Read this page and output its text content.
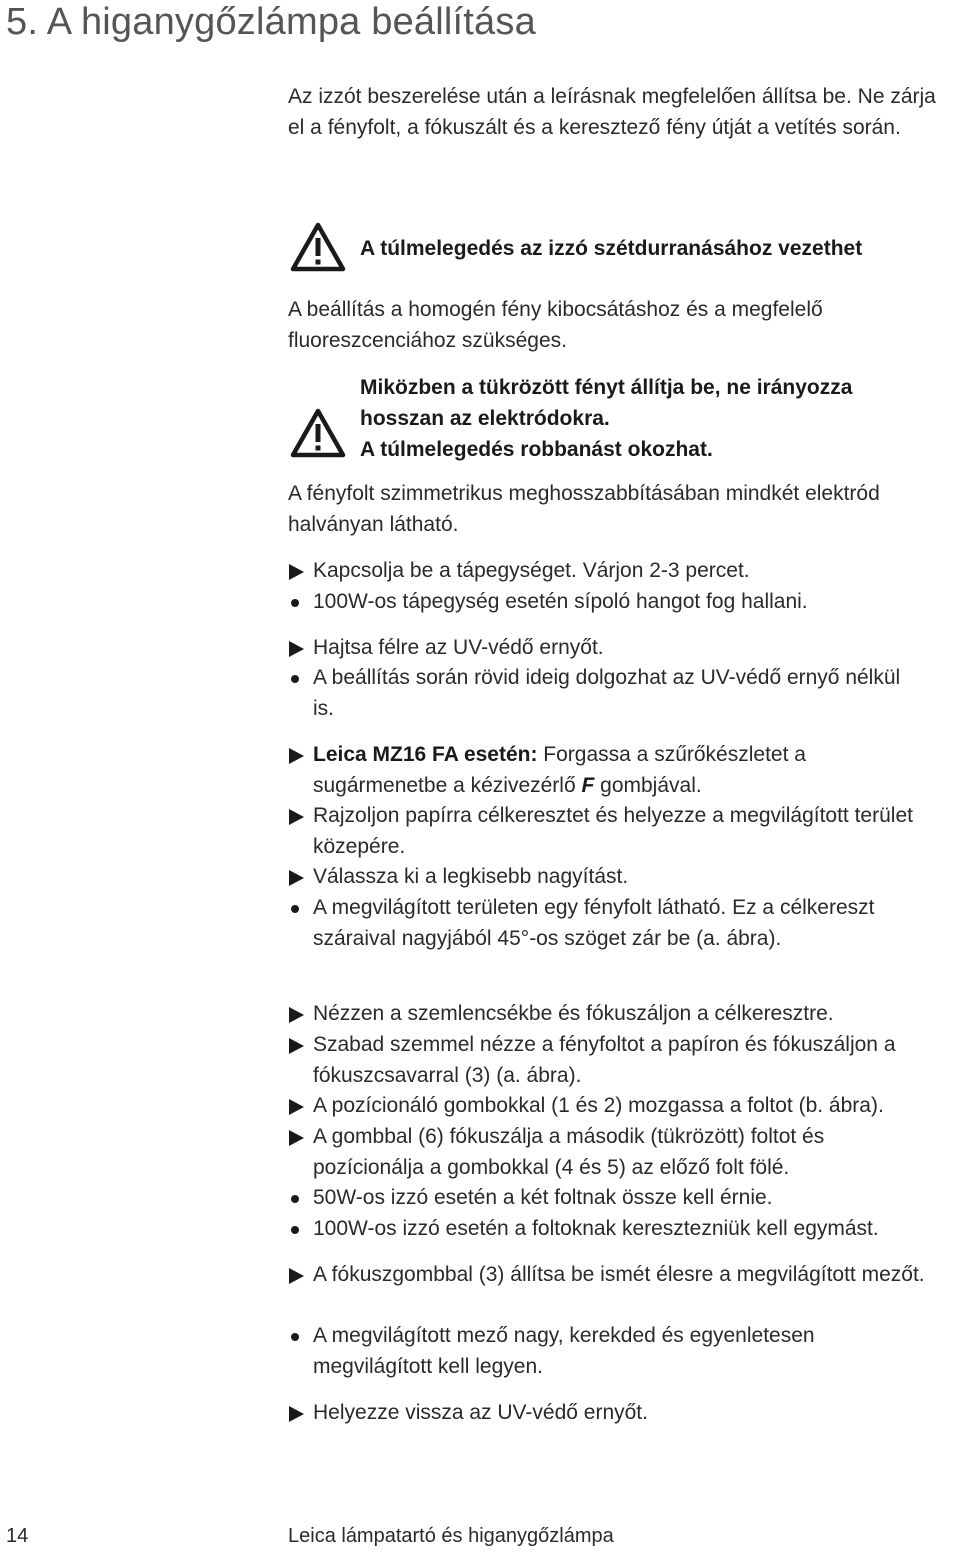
5. A higanygőzlámpa beállítása

Az izzót beszerelése után a leírásnak megfelelően állítsa be. Ne zárja el a fényfolt, a fókuszált és a keresztező fény útját a vetítés során.

A túlmelegedés az izzó szétdurranásához vezethet

A beállítás a homogén fény kibocsátáshoz és a megfelelő fluoreszcenciához szükséges.

Miközben a tükrözött fényt állítja be, ne irányozza

hosszan az elektródokra.

A túlmelegedés robbanást okozhat.

A fényfolt szimmetrikus meghosszabbításában mindkét elektród halványan látható.

Kapcsolja be a tápegységet. Várjon 2-3 percet.
100W-os tápegység esetén sípoló hangot fog hallani.
Hajtsa félre az UV-védő ernyőt.
A beállítás során rövid ideig dolgozhat az UV-védő ernyő nélkül is.
Leica MZ16 FA esetén: Forgassa a szűrőkészletet a sugármenetbe a kézivezérlő F gombjával.
Rajzoljon papírra célkeresztet és helyezze a megvilágított terület közepére.
Válassza ki a legkisebb nagyítást.
A megvilágított területen egy fényfolt látható. Ez a célkereszt száraival nagyjából 45°-os szöget zár be (a. ábra).
Nézzen a szemlencsékbe és fókuszáljon a célkeresztre.
Szabad szemmel nézze a fényfoltot a papíron és fókuszáljon a fókuszcsavarral (3) (a. ábra).
A pozícionáló gombokkal (1 és 2) mozgassa a foltot (b. ábra).
A gombbal (6) fókuszálja a második (tükrözött) foltot és pozícionálja a gombokkal (4 és 5) az előző folt fölé.
50W-os izzó esetén a két foltnak össze kell érnie.
100W-os izzó esetén a foltoknak keresztezniük kell egymást.
A fókuszgombbal (3) állítsa be ismét élesre a megvilágított mezőt.
A megvilágított mező nagy, kerekded és egyenletesen megvilágított kell legyen.
Helyezze vissza az UV-védő ernyőt.
14	Leica lámpatartó és higanygőzlámpa
